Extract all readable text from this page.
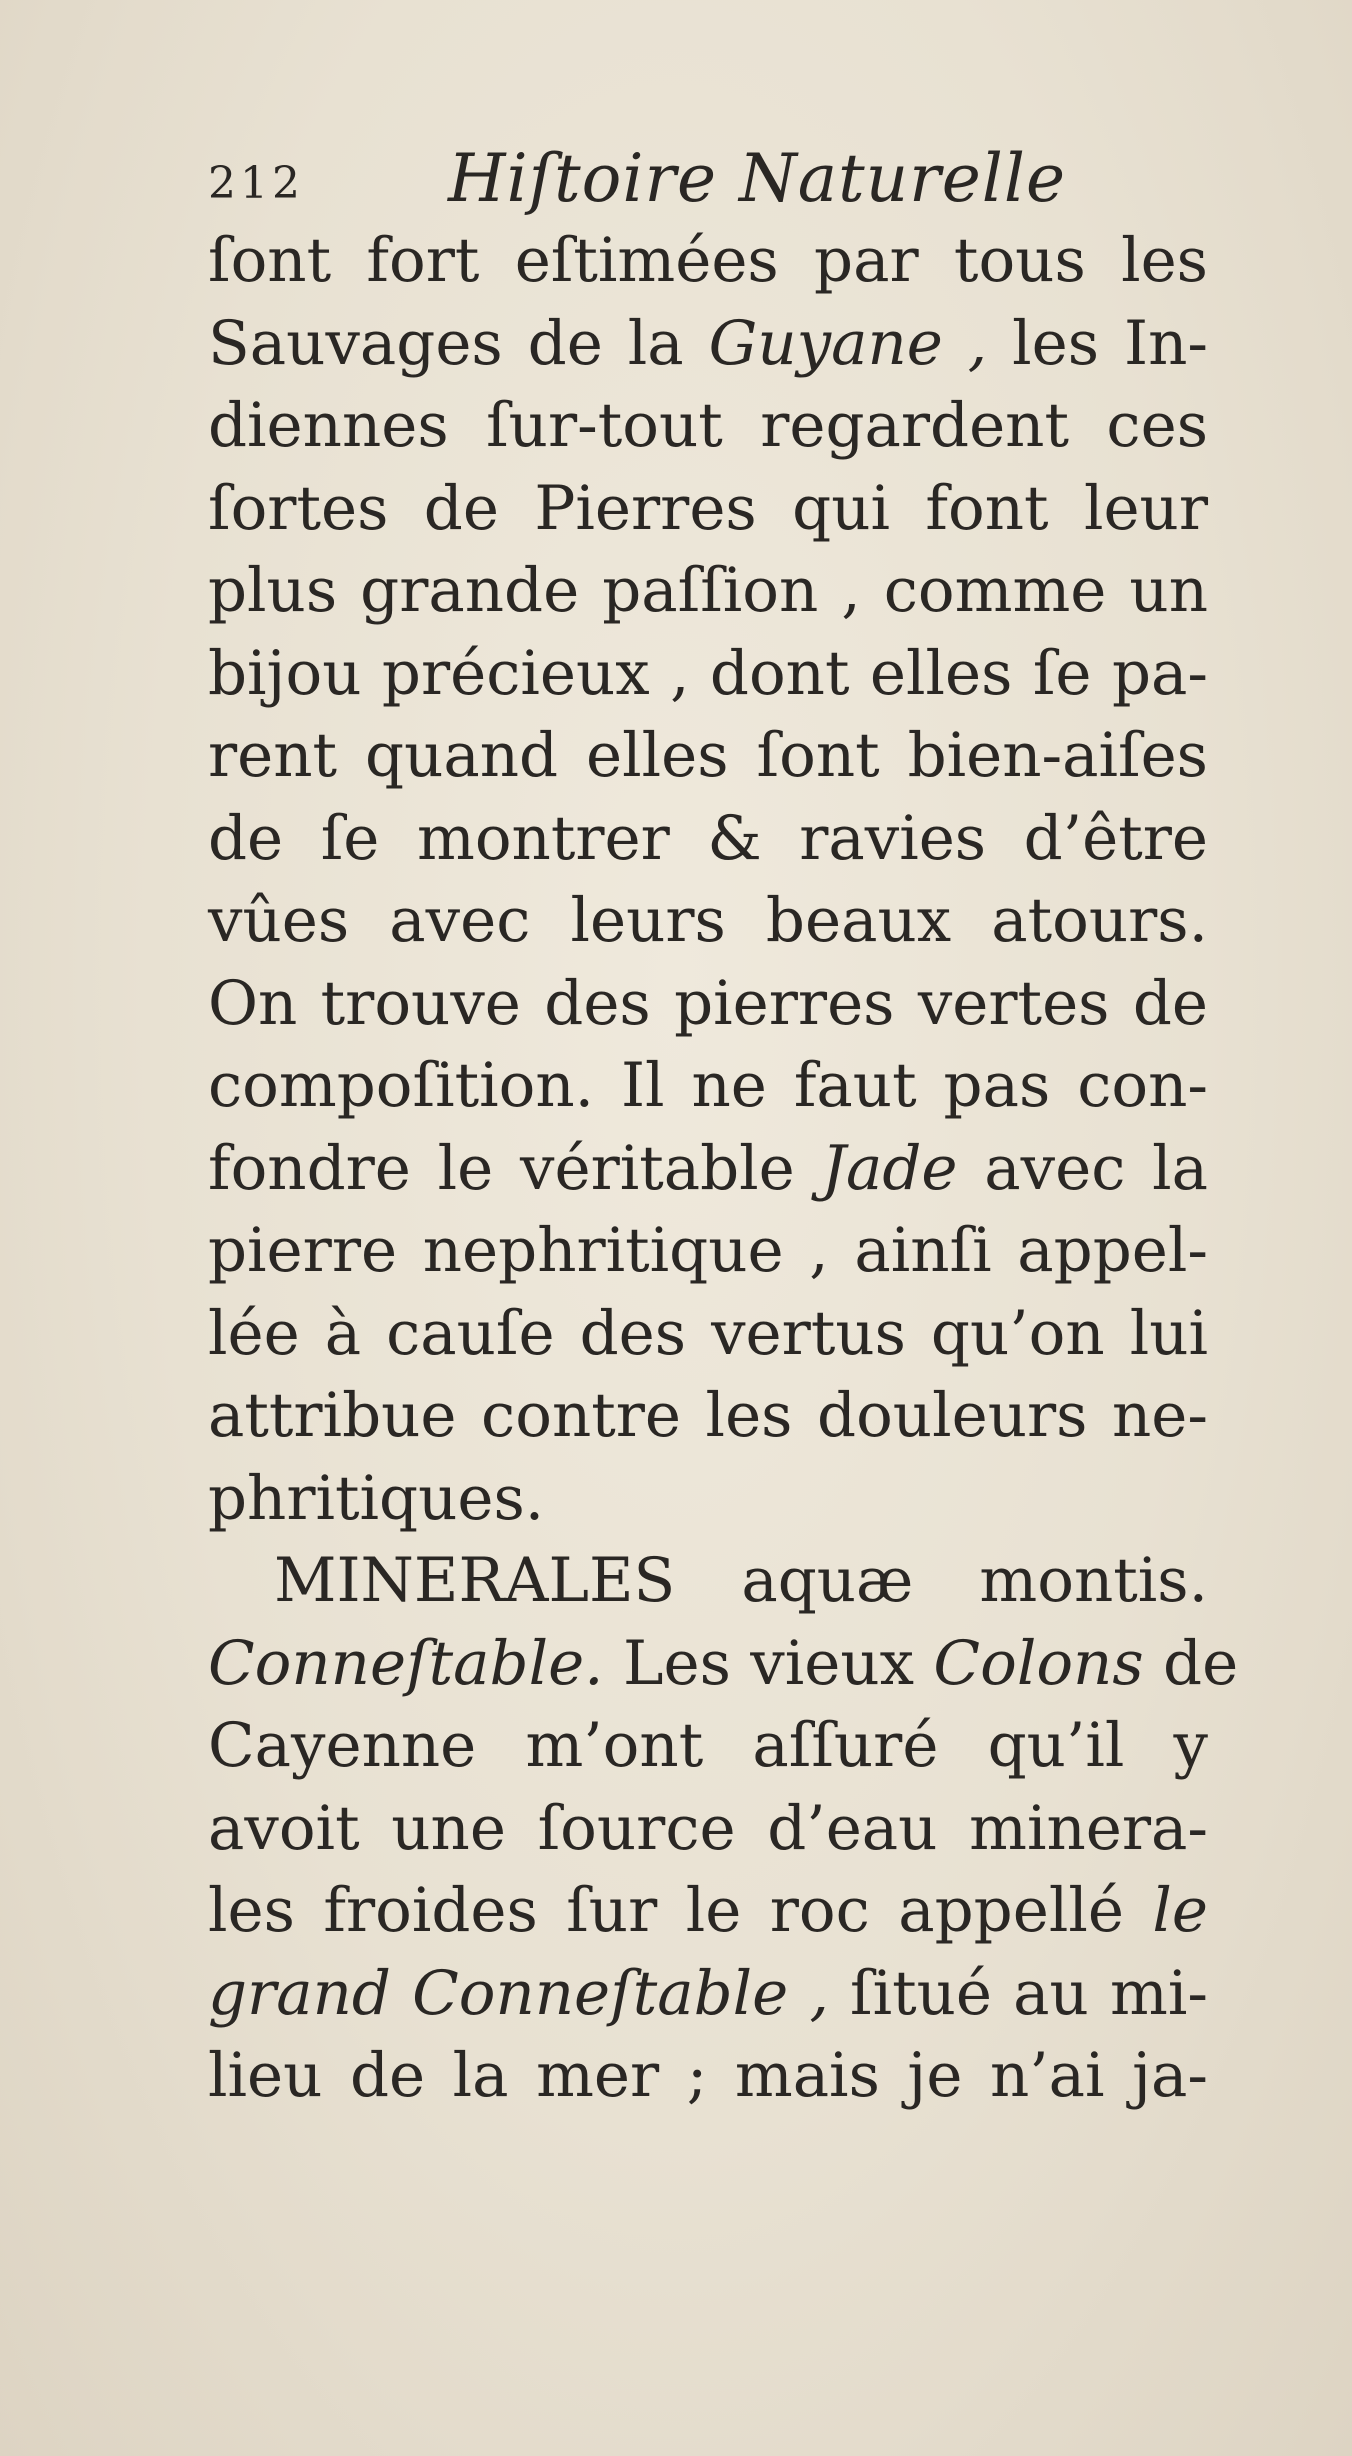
212 Hiſtoire Naturelle
ſont fort eſtimées par tous les
Sauvages de la Guyane , les In-
diennes ſur-tout regardent ces
ſortes de Pierres qui font leur
plus grande paſſion , comme un
bijou précieux , dont elles ſe pa-
rent quand elles ſont bien-aiſes
de ſe montrer & ravies d’être
vûes avec leurs beaux atours.
On trouve des pierres vertes de
compoſition. Il ne faut pas con-
fondre le véritable Jade avec la
pierre nephritique , ainſi appel-
lée à cauſe des vertus qu’on lui
attribue contre les douleurs ne-
phritiques.
MINERALES aquæ montis.
Conneſtable. Les vieux Colons de
Cayenne m’ont aſſuré qu’il y
avoit une ſource d’eau minera-
les froides ſur le roc appellé le
grand Conneſtable , ſitué au mi-
lieu de la mer ; mais je n’ai ja-
